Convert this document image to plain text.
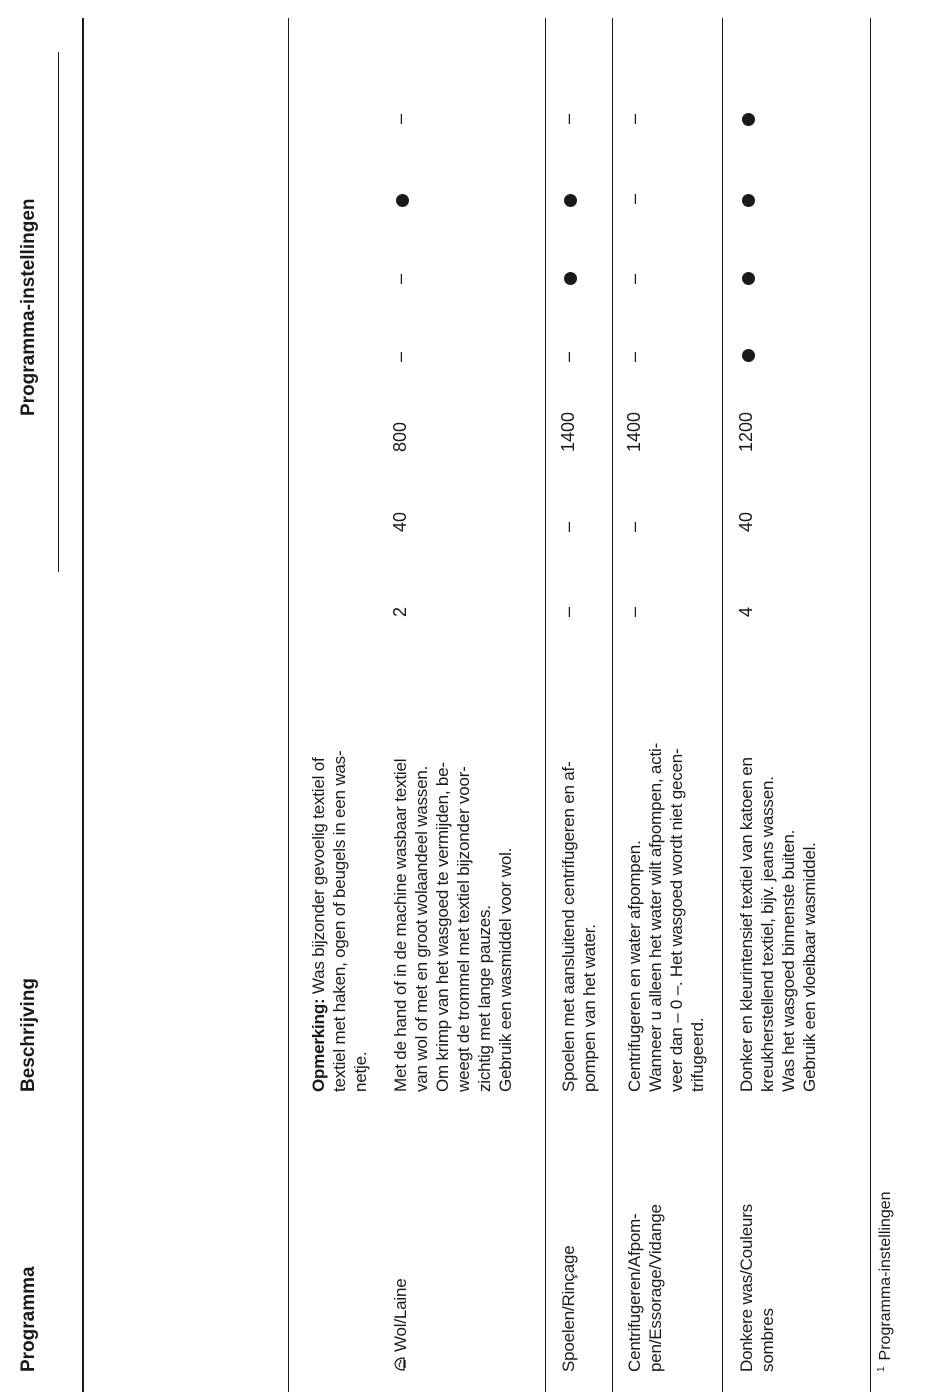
Programma
Beschrijving
Programma-instellingen
Opmerking: Was bijzonder gevoelig textiel of
textiel met haken, ogen of beugels in een was-
netje.
Wol/Laine
Met de hand of in de machine wasbaar textiel
van wol of met en groot wolaandeel wassen.
Om krimp van het wasgoed te vermijden, be-
weegt de trommel met textiel bijzonder voor-
zichtig met lange pauzes.
Gebruik een wasmiddel voor wol.
2
40
800
–
–
–
Spoelen/Rinçage
Spoelen met aansluitend centrifugeren en af-
pompen van het water.
–
–
1400
–
–
Centrifugeren/Afpom-
pen/Essorage/Vidange
Centrifugeren en water afpompen.
Wanneer u alleen het water wilt afpompen, acti-
veer dan – 0 –. Het wasgoed wordt niet gecen-
trifugeerd.
–
–
1400
–
–
–
–
Donkere was/Couleurs
sombres
Donker en kleurintensief textiel van katoen en
kreukherstellend textiel, bijv. jeans wassen.
Was het wasgoed binnenste buiten.
Gebruik een vloeibaar wasmiddel.
4
40
1200
$^1$Programma-instellingen
